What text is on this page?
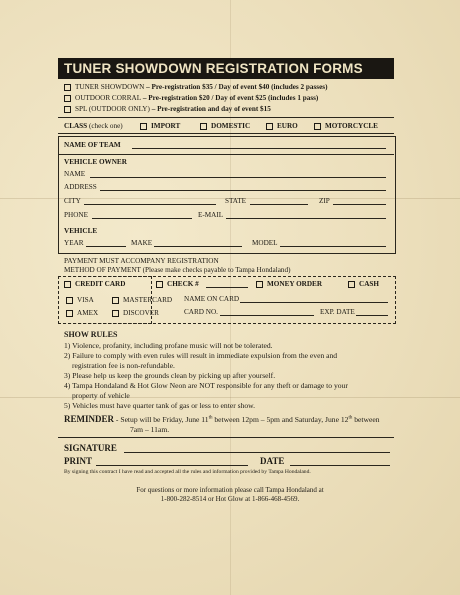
TUNER SHOWDOWN REGISTRATION FORMS
TUNER SHOWDOWN – Pre-registration $35 / Day of event $40 (includes 2 passes)
OUTDOOR CORRAL – Pre-registration $20 / Day of event $25 (includes 1 pass)
SPL (OUTDOOR ONLY) – Pre-registration and day of event $15
CLASS (check one)	IMPORT	DOMESTIC	EURO	MOTORCYCLE
NAME OF TEAM
VEHICLE OWNER
NAME
ADDRESS
CITY	STATE	ZIP
PHONE	E-MAIL
VEHICLE
YEAR	MAKE	MODEL
PAYMENT MUST ACCOMPANY REGISTRATION
METHOD OF PAYMENT (Please make checks payable to Tampa Hondaland)
CREDIT CARD	CHECK #	MONEY ORDER	CASH
VISA	MASTERCARD
AMEX	DISCOVER
NAME ON CARD
CARD NO.	EXP. DATE
SHOW RULES
1) Violence, profanity, including profane music will not be tolerated.
2) Failure to comply with even rules will result in immediate expulsion from the even and
registration fee is non-refundable.
3) Please help us keep the grounds clean by picking up after yourself.
4) Tampa Hondaland & Hot Glow Neon are NOT responsible for any theft or damage to your
property of vehicle
5) Vehicles must have quarter tank of gas or less to enter show.
REMINDER - Setup will be Friday, June 11th between 12pm – 5pm and Saturday, June 12th between
7am – 11am.
SIGNATURE
PRINT	DATE
By signing this contract I have read and accepted all the rules and information provided by Tampa Hondaland.
For questions or more information please call Tampa Hondaland at
1-800-282-8514 or Hot Glow at 1-866-468-4569.
